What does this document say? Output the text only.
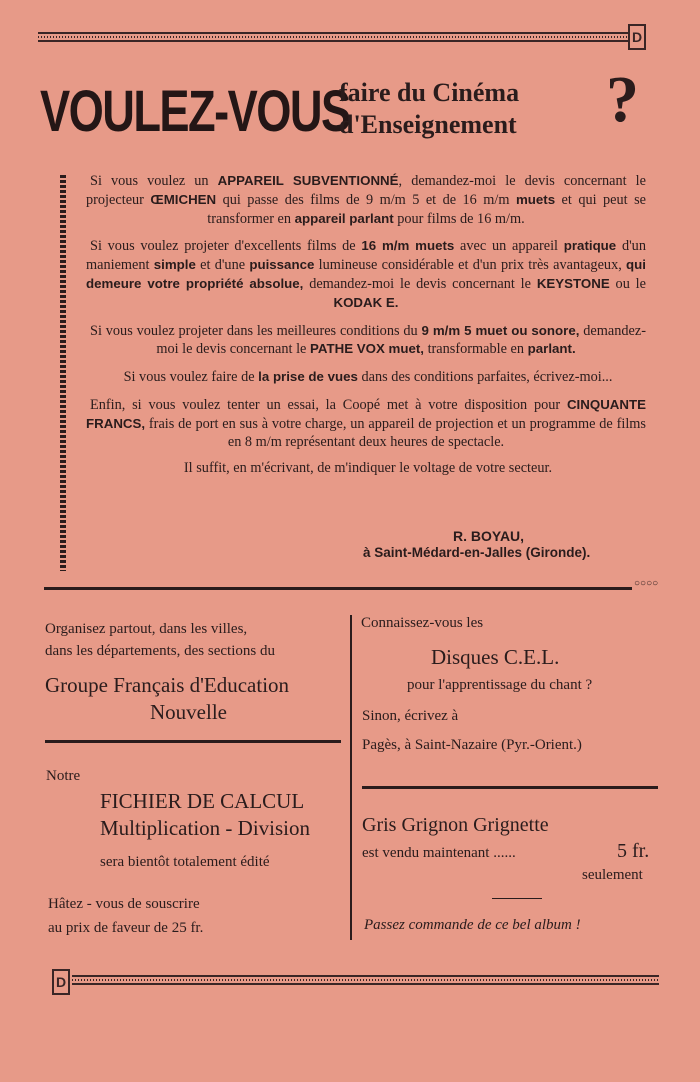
D
VOULEZ-VOUS
faire du Cinéma
d'Enseignement ?

Si vous voulez un APPAREIL SUBVENTIONNÉ, demandez-moi le devis concernant le projecteur ŒMICHEN qui passe des films de 9 m/m 5 et de 16 m/m muets et qui peut se transformer en appareil parlant pour films de 16 m/m.

Si vous voulez projeter d'excellents films de 16 m/m muets avec un appareil pratique d'un maniement simple et d'une puissance lumineuse considérable et d'un prix très avantageux, qui demeure votre propriété absolue, demandez-moi le devis concernant le KEYSTONE ou le KODAK E.

Si vous voulez projeter dans les meilleures conditions du 9 m/m 5 muet ou sonore, demandez-moi le devis concernant le PATHE VOX muet, transformable en parlant.

Si vous voulez faire de la prise de vues dans des conditions parfaites, écrivez-moi...

Enfin, si vous voulez tenter un essai, la Coopé met à votre disposition pour CINQUANTE FRANCS, frais de port en sus à votre charge, un appareil de projection et un programme de films en 8 m/m représentant deux heures de spectacle.

Il suffit, en m'écrivant, de m'indiquer le voltage de votre secteur.

R. BOYAU,
à Saint-Médard-en-Jalles (Gironde).
○○○○
Organisez partout, dans les villes,
dans les départements, des sections du
Groupe Français d'Education
Nouvelle
Connaissez-vous les
Disques C.E.L.
pour l'apprentissage du chant ?
Sinon, écrivez à
Pagès, à Saint-Nazaire (Pyr.-Orient.)
Notre
FICHIER DE CALCUL
Multiplication - Division
sera bientôt totalement édité
Hâtez - vous de souscrire
au prix de faveur de 25 fr.
Gris Grignon Grignette
est vendu maintenant ......	5 fr.
seulement
Passez commande de ce bel album !
D
